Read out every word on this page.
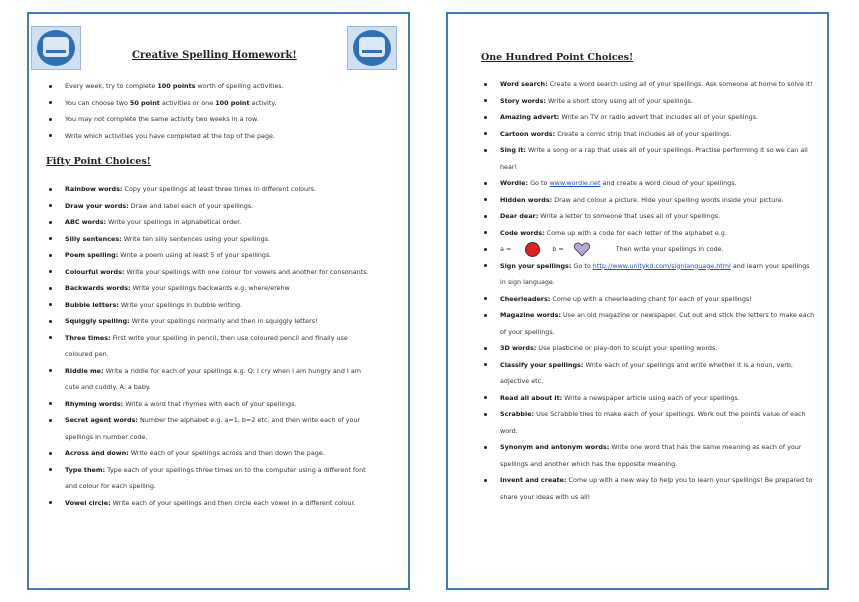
Creative Spelling Homework!
Every week, try to complete 100 points worth of spelling activities.
You can choose two 50 point activities or one 100 point activity.
You may not complete the same activity two weeks in a row.
Write which activities you have completed at the top of the page.
Fifty Point Choices!
Rainbow words: Copy your spellings at least three times in different colours.
Draw your words: Draw and label each of your spellings.
ABC words: Write your spellings in alphabetical order.
Silly sentences: Write ten silly sentences using your spellings.
Poem spelling: Write a poem using at least 5 of your spellings.
Colourful words: Write your spellings with one colour for vowels and another for consonants.
Backwards words: Write your spellings backwards e.g. where/erehw
Bubble letters: Write your spellings in bubble writing.
Squiggly spelling: Write your spellings normally and then in squiggly letters!
Three times: First write your spelling in pencil, then use coloured pencil and finally use coloured pen.
Riddle me: Write a riddle for each of your spellings e.g. Q: I cry when I am hungry and I am cute and cuddly. A: a baby.
Rhyming words: Write a word that rhymes with each of your spellings.
Secret agent words: Number the alphabet e.g. a=1, b=2 etc. and then write each of your spellings in number code.
Across and down: Write each of your spellings across and then down the page.
Type them: Type each of your spellings three times on to the computer using a different font and colour for each spelling.
Vowel circle: Write each of your spellings and then circle each vowel in a different colour.
One Hundred Point Choices!
Word search: Create a word search using all of your spellings. Ask someone at home to solve it!
Story words: Write a short story using all of your spellings.
Amazing advert: Write an TV or radio advert that includes all of your spellings.
Cartoon words: Create a comic strip that includes all of your spellings.
Sing it: Write a song or a rap that uses all of your spellings. Practise performing it so we can all hear!
Wordle: Go to www.wordle.net and create a word cloud of your spellings.
Hidden words: Draw and colour a picture. Hide your spelling words inside your picture.
Dear dear: Write a letter to someone that uses all of your spellings.
Code words: Come up with a code for each letter of the alphabet e.g.
a =	b =	Then write your spellings in code.
Sign your spellings: Go to http://www.unitykd.com/signlanguage.html and learn your spellings in sign language.
Cheerleaders: Come up with a cheerleading chant for each of your spellings!
Magazine words: Use an old magazine or newspaper. Cut out and stick the letters to make each of your spellings.
3D words: Use plasticine or play-doh to sculpt your spelling words.
Classify your spellings: Write each of your spellings and write whether it is a noun, verb, adjective etc.
Read all about it: Write a newspaper article using each of your spellings.
Scrabble: Use Scrabble tiles to make each of your spellings. Work out the points value of each word.
Synonym and antonym words: Write one word that has the same meaning as each of your spellings and another which has the opposite meaning.
Invent and create: Come up with a new way to help you to learn your spellings! Be prepared to share your ideas with us all!
